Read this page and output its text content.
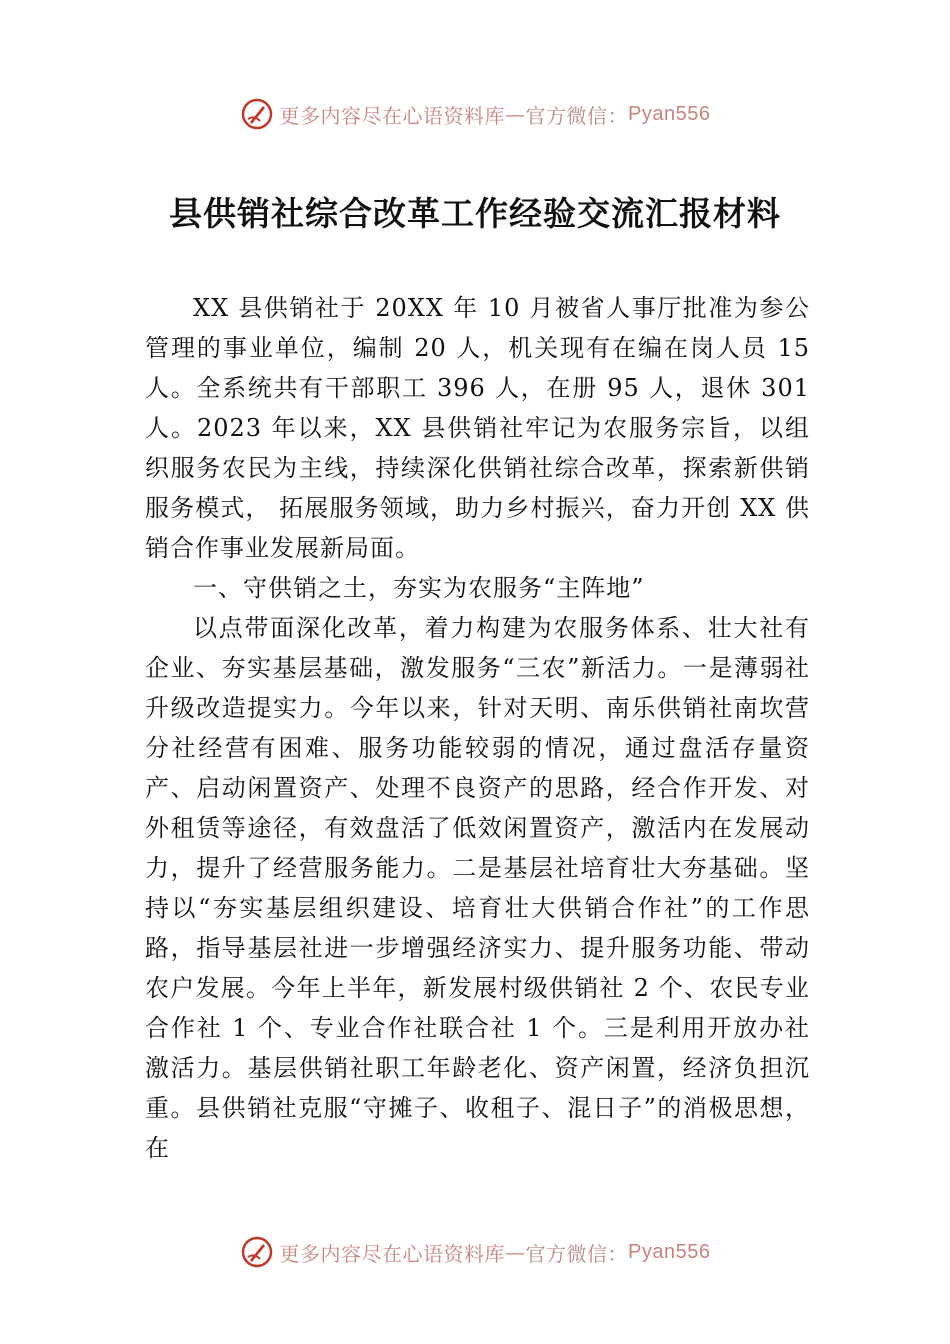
更多内容尽在心语资料库 — 官方微信： Pyan556
县供销社综合改革工作经验交流汇报材料

XX 县供销社于 20XX 年 10 月被省人事厅批准为参公管理的事业单位，编制 20 人，机关现有在编在岗人员 15 人。全系统共有干部职工 396 人，在册 95 人，退休 301 人。2023 年以来，XX 县供销社牢记为农服务宗旨，以组织服务农民为主线，持续深化供销社综合改革，探索新供销服务模式， 拓展服务领域，助力乡村振兴，奋力开创 XX 供销合作事业发展新局面。

一、守供销之土，夯实为农服务“主阵地”

以点带面深化改革，着力构建为农服务体系、壮大社有企业、夯实基层基础，激发服务“三农”新活力。一是薄弱社升级改造提实力。今年以来，针对天明、南乐供销社南坎营分社经营有困难、服务功能较弱的情况，通过盘活存量资产、启动闲置资产、处理不良资产的思路，经合作开发、对外租赁等途径，有效盘活了低效闲置资产，激活内在发展动力，提升了经营服务能力。二是基层社培育壮大夯基础。坚持以“夯实基层组织建设、培育壮大供销合作社”的工作思路，指导基层社进一步增强经济实力、提升服务功能、带动农户发展。今年上半年，新发展村级供销社 2 个、农民专业合作社 1 个、专业合作社联合社 1 个。三是利用开放办社激活力。基层供销社职工年龄老化、资产闲置，经济负担沉重。县供销社克服“守摊子、收租子、混日子”的消极思想，在

更多内容尽在心语资料库 — 官方微信： Pyan556
